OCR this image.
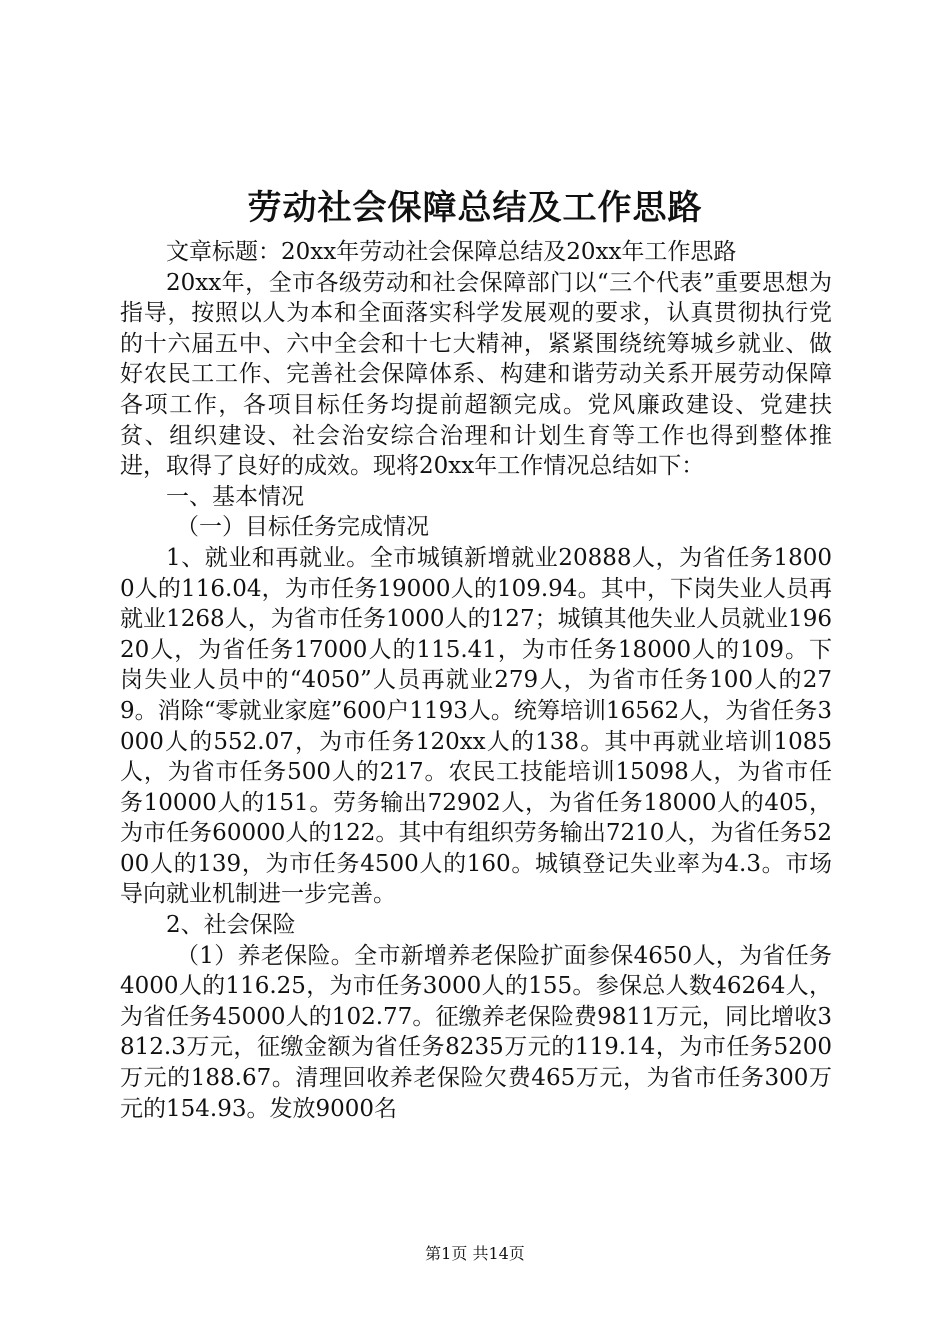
劳动社会保障总结及工作思路

文章标题：20xx年劳动社会保障总结及20xx年工作思路

20xx年，全市各级劳动和社会保障部门以“三个代表”重要思想为指导，按照以人为本和全面落实科学发展观的要求，认真贯彻执行党的十六届五中、六中全会和十七大精神，紧紧围绕统筹城乡就业、做好农民工工作、完善社会保障体系、构建和谐劳动关系开展劳动保障各项工作，各项目标任务均提前超额完成。党风廉政建设、党建扶贫、组织建设、社会治安综合治理和计划生育等工作也得到整体推进，取得了良好的成效。现将20xx年工作情况总结如下：

一、基本情况

（一）目标任务完成情况

1、就业和再就业。全市城镇新增就业20888人，为省任务18000人的116.04，为市任务19000人的109.94。其中，下岗失业人员再就业1268人，为省市任务1000人的127；城镇其他失业人员就业19620人，为省任务17000人的115.41，为市任务18000人的109。下岗失业人员中的“4050”人员再就业279人，为省市任务100人的279。消除“零就业家庭”600户1193人。统筹培训16562人，为省任务3000人的552.07，为市任务120xx人的138。其中再就业培训1085人，为省市任务500人的217。农民工技能培训15098人，为省市任务10000人的151。劳务输出72902人，为省任务18000人的405，为市任务60000人的122。其中有组织劳务输出7210人，为省任务5200人的139，为市任务4500人的160。城镇登记失业率为4.3。市场导向就业机制进一步完善。

2、社会保险

（1）养老保险。全市新增养老保险扩面参保4650人，为省任务4000人的116.25，为市任务3000人的155。参保总人数46264人，为省任务45000人的102.77。征缴养老保险费9811万元，同比增收3812.3万元，征缴金额为省任务8235万元的119.14，为市任务5200万元的188.67。清理回收养老保险欠费465万元，为省市任务300万元的154.93。发放9000名

第1页 共14页
